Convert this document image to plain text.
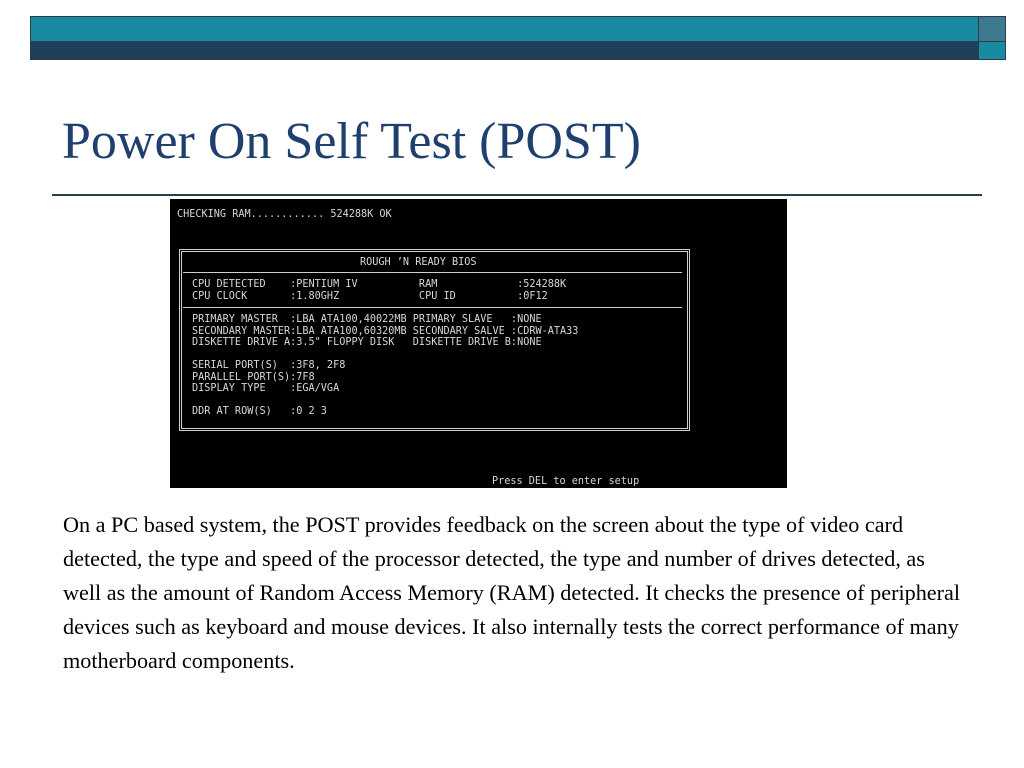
Power On Self Test (POST)
CHECKING RAM............ 524288K OK
ROUGH ’N READY BIOS
CPU DETECTED    :PENTIUM IV          RAM             :524288K
CPU CLOCK       :1.80GHZ             CPU ID          :0F12
PRIMARY MASTER  :LBA ATA100,40022MB PRIMARY SLAVE   :NONE
SECONDARY MASTER:LBA ATA100,60320MB SECONDARY SALVE :CDRW-ATA33
DISKETTE DRIVE A:3.5" FLOPPY DISK   DISKETTE DRIVE B:NONE
SERIAL PORT(S)  :3F8, 2F8
PARALLEL PORT(S):7F8
DISPLAY TYPE    :EGA/VGA
DDR AT ROW(S)   :0 2 3
Press DEL to enter setup

On a PC based system, the POST provides feedback on the screen about the type of video card detected, the type and speed of the processor detected, the type and number of drives detected, as well as the amount of Random Access Memory (RAM) detected. It checks the presence of peripheral devices such as keyboard and mouse devices. It also internally tests the correct performance of many motherboard components.
